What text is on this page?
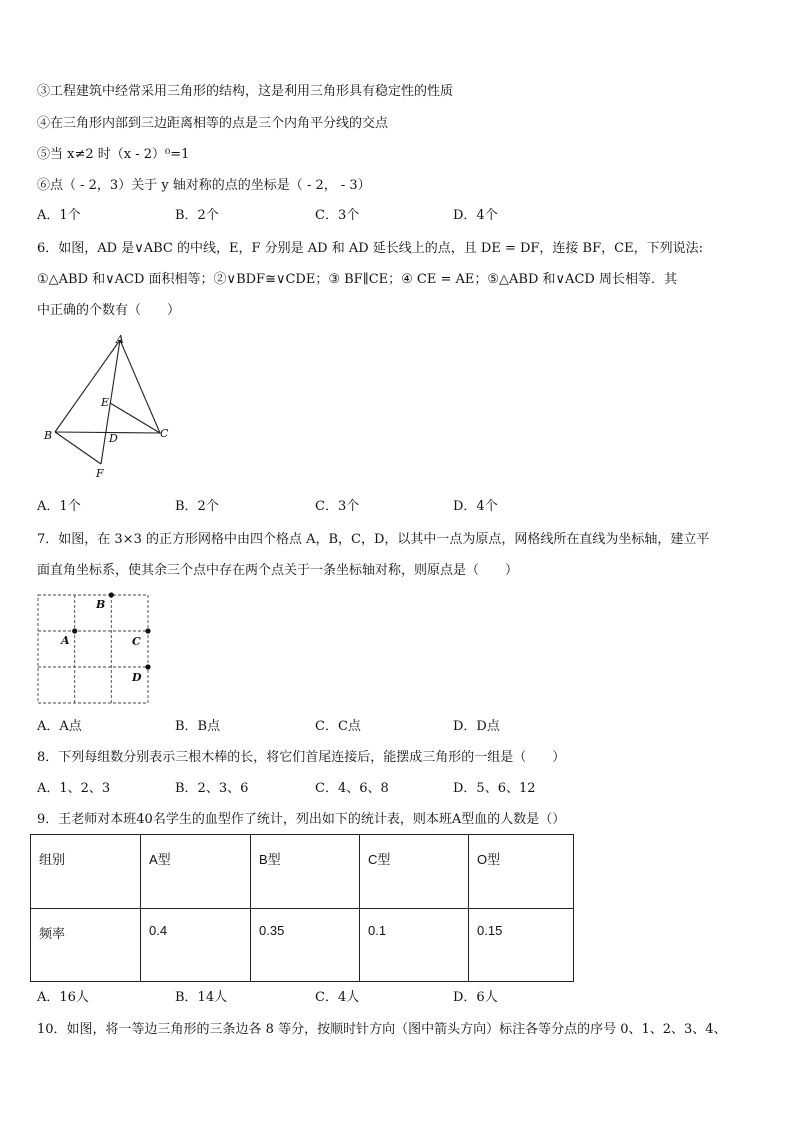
③工程建筑中经常采用三角形的结构，这是利用三角形具有稳定性的性质
④在三角形内部到三边距离相等的点是三个内角平分线的交点
⑤当 x≠2 时（x - 2）⁰=1
⑥点（ - 2，3）关于 y 轴对称的点的坐标是（ - 2， - 3）
A．1个	B．2个	C．3个	D．4个
6．如图，AD 是∨ABC 的中线，E，F 分别是 AD 和 AD 延长线上的点，且 DE = DF，连接 BF，CE，下列说法:
①△ABD 和∨ACD 面积相等；②∨BDF≅∨CDE；③ BF∥CE；④ CE = AE；⑤△ABD 和∨ACD 周长相等．其
中正确的个数有（　　）
A
E
B	D	C
F
A．1个	B．2个	C．3个	D．4个
7．如图，在 3×3 的正方形网格中由四个格点 A，B，C，D，以其中一点为原点，网格线所在直线为坐标轴，建立平
面直角坐标系，使其余三个点中存在两个点关于一条坐标轴对称，则原点是（　　）
B
A	C
D
A．A点	B．B点	C．C点	D．D点
8．下列每组数分别表示三根木棒的长，将它们首尾连接后，能摆成三角形的一组是（　　）
A．1、2、3	B．2、3、6	C．4、6、8	D．5、6、12
9．王老师对本班40名学生的血型作了统计，列出如下的统计表，则本班A型血的人数是（）
组别	A型	B型	C型	O型
频率	0.4	0.35	0.1	0.15
A．16人	B．14人	C．4人	D．6人
10．如图，将一等边三角形的三条边各 8 等分，按顺时针方向（图中箭头方向）标注各等分点的序号 0、1、2、3、4、
